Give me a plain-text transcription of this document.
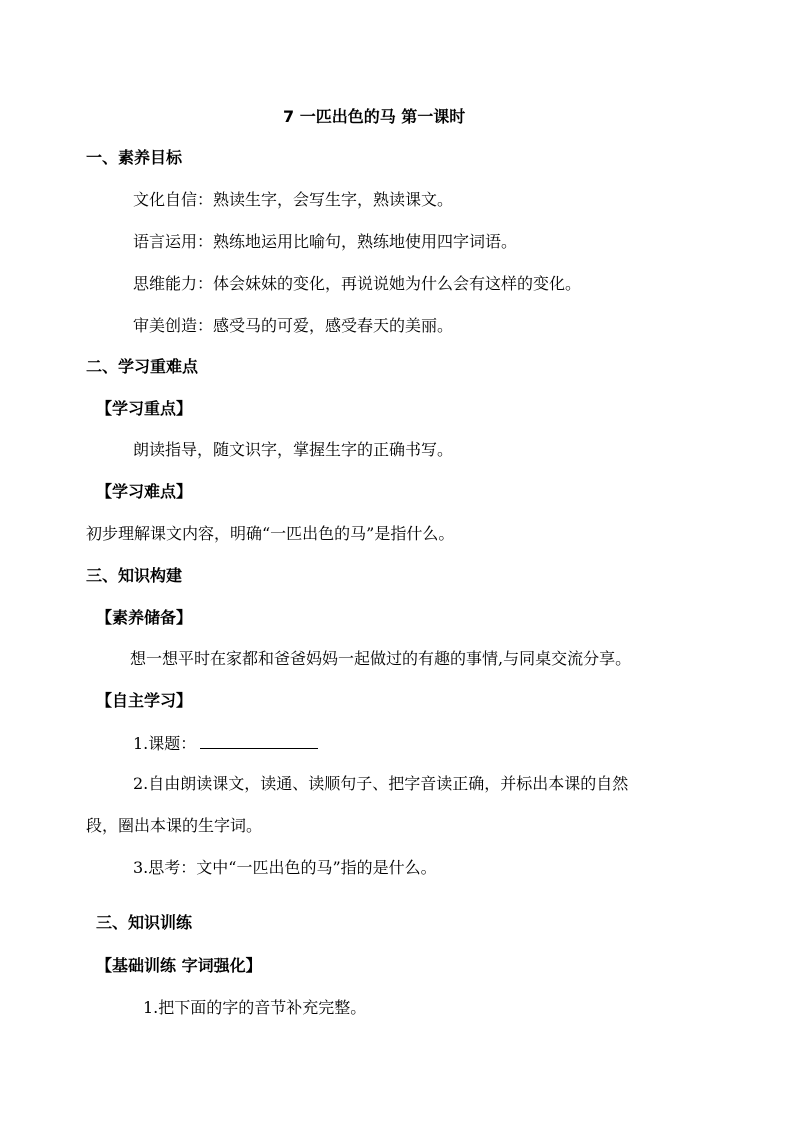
7 一匹出色的马 第一课时
一、素养目标
文化自信：熟读生字，会写生字，熟读课文。
语言运用：熟练地运用比喻句，熟练地使用四字词语。
思维能力：体会妹妹的变化，再说说她为什么会有这样的变化。
审美创造：感受马的可爱，感受春天的美丽。
二、学习重难点
【学习重点】
朗读指导，随文识字，掌握生字的正确书写。
【学习难点】
初步理解课文内容，明确“一匹出色的马”是指什么。
三、知识构建
【素养储备】
想一想平时在家都和爸爸妈妈一起做过的有趣的事情,与同桌交流分享。
【自主学习】
1.课题：
2.自由朗读课文，读通、读顺句子、把字音读正确，并标出本课的自然
段，圈出本课的生字词。
3.思考：文中“一匹出色的马”指的是什么。
三、知识训练
【基础训练 字词强化】
1.把下面的字的音节补充完整。
